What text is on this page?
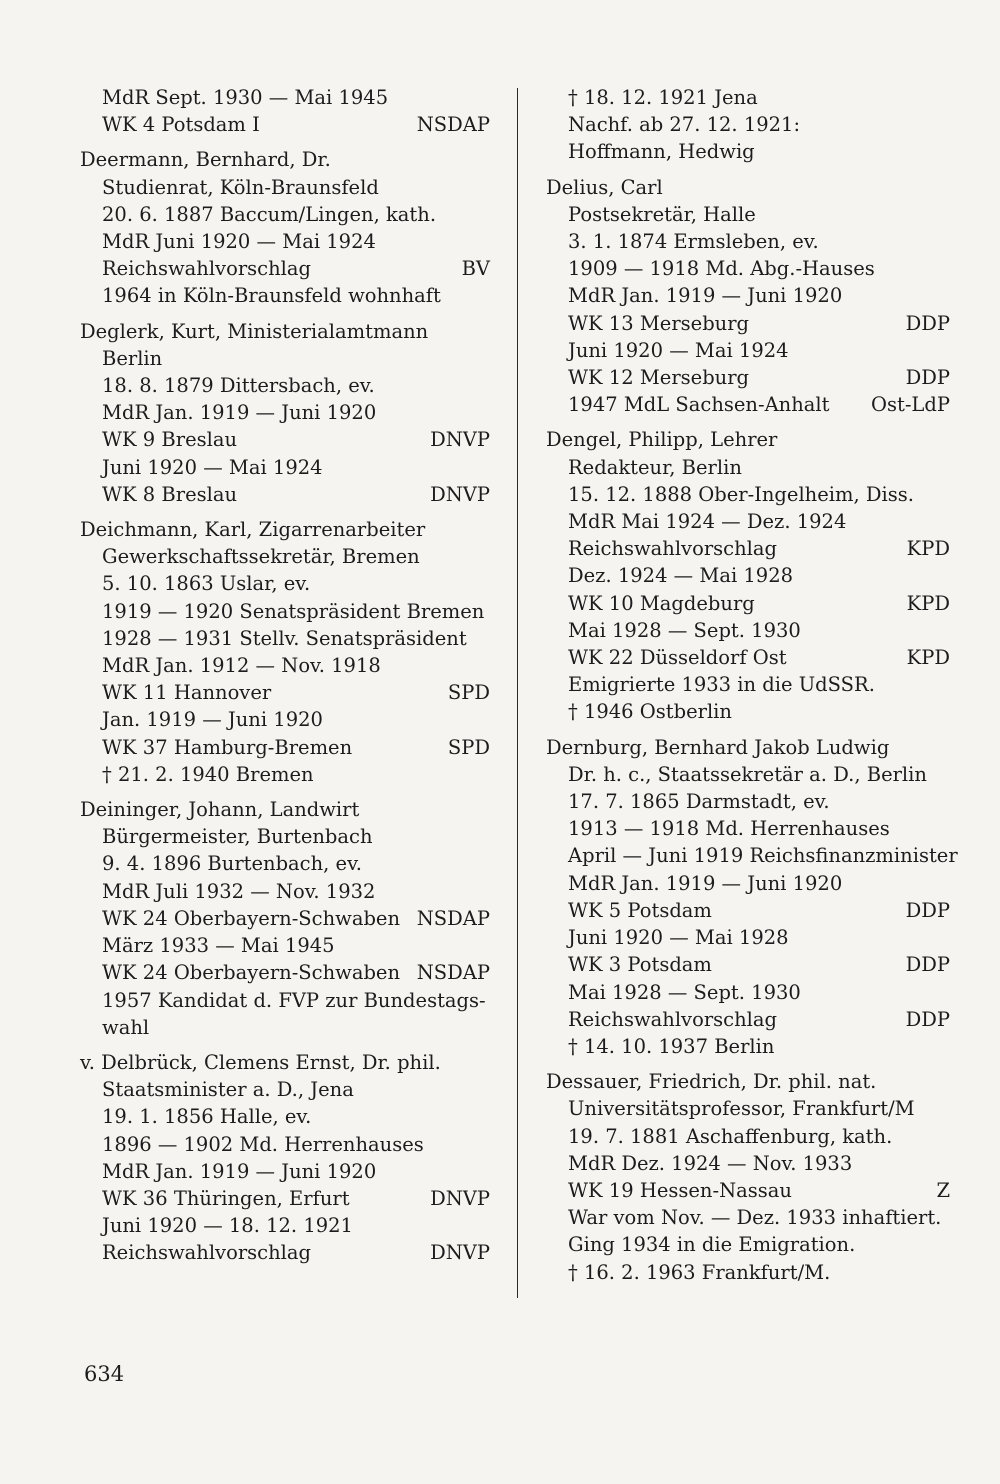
MdR Sept. 1930 — Mai 1945
WK 4 Potsdam I	NSDAP
Deermann, Bernhard, Dr.
Studienrat, Köln-Braunsfeld
20. 6. 1887 Baccum/Lingen, kath.
MdR Juni 1920 — Mai 1924
Reichswahlvorschlag	BV
1964 in Köln-Braunsfeld wohnhaft
Deglerk, Kurt, Ministerialamtmann
Berlin
18. 8. 1879 Dittersbach, ev.
MdR Jan. 1919 — Juni 1920
WK 9 Breslau	DNVP
Juni 1920 — Mai 1924
WK 8 Breslau	DNVP
Deichmann, Karl, Zigarrenarbeiter
Gewerkschaftssekretär, Bremen
5. 10. 1863 Uslar, ev.
1919 — 1920 Senatspräsident Bremen
1928 — 1931 Stellv. Senatspräsident
MdR Jan. 1912 — Nov. 1918
WK 11 Hannover	SPD
Jan. 1919 — Juni 1920
WK 37 Hamburg-Bremen	SPD
† 21. 2. 1940 Bremen
Deininger, Johann, Landwirt
Bürgermeister, Burtenbach
9. 4. 1896 Burtenbach, ev.
MdR Juli 1932 — Nov. 1932
WK 24 Oberbayern-Schwaben NSDAP
März 1933 — Mai 1945
WK 24 Oberbayern-Schwaben NSDAP
1957 Kandidat d. FVP zur Bundestags-
wahl
v. Delbrück, Clemens Ernst, Dr. phil.
Staatsminister a. D., Jena
19. 1. 1856 Halle, ev.
1896 — 1902 Md. Herrenhauses
MdR Jan. 1919 — Juni 1920
WK 36 Thüringen, Erfurt	DNVP
Juni 1920 — 18. 12. 1921
Reichswahlvorschlag	DNVP
† 18. 12. 1921 Jena
Nachf. ab 27. 12. 1921:
Hoffmann, Hedwig
Delius, Carl
Postsekretär, Halle
3. 1. 1874 Ermsleben, ev.
1909 — 1918 Md. Abg.-Hauses
MdR Jan. 1919 — Juni 1920
WK 13 Merseburg	DDP
Juni 1920 — Mai 1924
WK 12 Merseburg	DDP
1947 MdL Sachsen-Anhalt Ost-LdP
Dengel, Philipp, Lehrer
Redakteur, Berlin
15. 12. 1888 Ober-Ingelheim, Diss.
MdR Mai 1924 — Dez. 1924
Reichswahlvorschlag	KPD
Dez. 1924 — Mai 1928
WK 10 Magdeburg	KPD
Mai 1928 — Sept. 1930
WK 22 Düsseldorf Ost	KPD
Emigrierte 1933 in die UdSSR.
† 1946 Ostberlin
Dernburg, Bernhard Jakob Ludwig
Dr. h. c., Staatssekretär a. D., Berlin
17. 7. 1865 Darmstadt, ev.
1913 — 1918 Md. Herrenhauses
April — Juni 1919 Reichsfinanzminister
MdR Jan. 1919 — Juni 1920
WK 5 Potsdam	DDP
Juni 1920 — Mai 1928
WK 3 Potsdam	DDP
Mai 1928 — Sept. 1930
Reichswahlvorschlag	DDP
† 14. 10. 1937 Berlin
Dessauer, Friedrich, Dr. phil. nat.
Universitätsprofessor, Frankfurt/M
19. 7. 1881 Aschaffenburg, kath.
MdR Dez. 1924 — Nov. 1933
WK 19 Hessen-Nassau	Z
War vom Nov. — Dez. 1933 inhaftiert.
Ging 1934 in die Emigration.
† 16. 2. 1963 Frankfurt/M.
634
